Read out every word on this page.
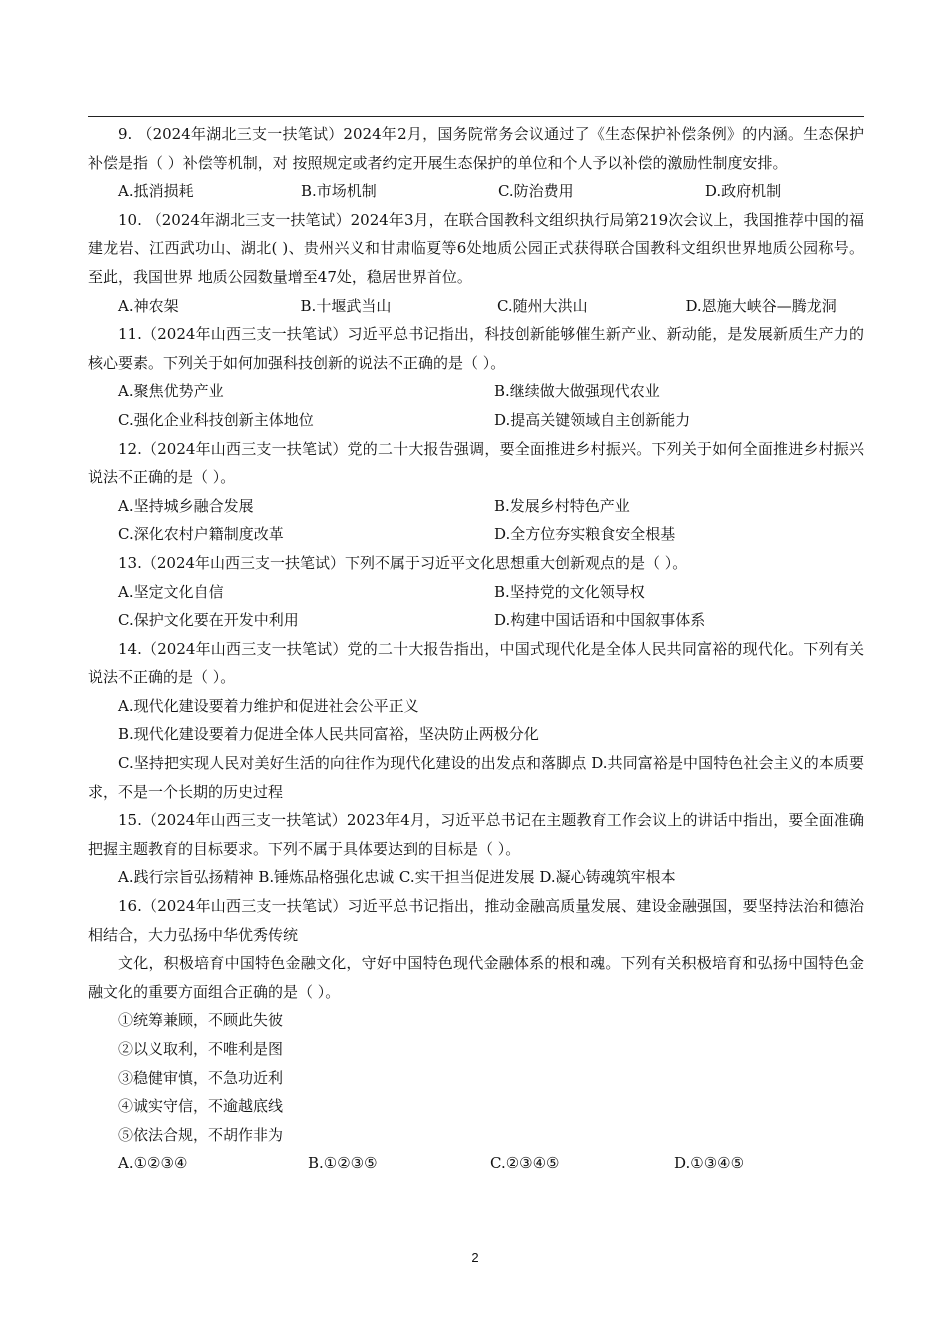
9. （2024年湖北三支一扶笔试）2024年2月，国务院常务会议通过了《生态保护补偿条例》的内涵。生态保护补偿是指（ ）补偿等机制，对 按照规定或者约定开展生态保护的单位和个人予以补偿的激励性制度安排。

A.抵消损耗	B.市场机制	C.防治费用	D.政府机制

10. （2024年湖北三支一扶笔试）2024年3月，在联合国教科文组织执行局第219次会议上，我国推荐中国的福建龙岩、江西武功山、湖北( )、贵州兴义和甘肃临夏等6处地质公园正式获得联合国教科文组织世界地质公园称号。至此，我国世界 地质公园数量增至47处，稳居世界首位。

A.神农架	B.十堰武当山	C.随州大洪山	D.恩施大峡谷—腾龙洞

11.（2024年山西三支一扶笔试）习近平总书记指出，科技创新能够催生新产业、新动能，是发展新质生产力的核心要素。下列关于如何加强科技创新的说法不正确的是（ ）。

A.聚焦优势产业	B.继续做大做强现代农业
C.强化企业科技创新主体地位	D.提高关键领域自主创新能力

12.（2024年山西三支一扶笔试）党的二十大报告强调，要全面推进乡村振兴。下列关于如何全面推进乡村振兴说法不正确的是（ ）。

A.坚持城乡融合发展	B.发展乡村特色产业
C.深化农村户籍制度改革	D.全方位夯实粮食安全根基

13.（2024年山西三支一扶笔试）下列不属于习近平文化思想重大创新观点的是（ ）。

A.坚定文化自信	B.坚持党的文化领导权
C.保护文化要在开发中利用	D.构建中国话语和中国叙事体系

14.（2024年山西三支一扶笔试）党的二十大报告指出，中国式现代化是全体人民共同富裕的现代化。下列有关说法不正确的是（ ）。

A.现代化建设要着力维护和促进社会公平正义

B.现代化建设要着力促进全体人民共同富裕，坚决防止两极分化

C.坚持把实现人民对美好生活的向往作为现代化建设的出发点和落脚点 D.共同富裕是中国特色社会主义的本质要求，不是一个长期的历史过程

15.（2024年山西三支一扶笔试）2023年4月，习近平总书记在主题教育工作会议上的讲话中指出，要全面准确把握主题教育的目标要求。下列不属于具体要达到的目标是（ ）。

A.践行宗旨弘扬精神 B.锤炼品格强化忠诚 C.实干担当促进发展 D.凝心铸魂筑牢根本

16.（2024年山西三支一扶笔试）习近平总书记指出，推动金融高质量发展、建设金融强国，要坚持法治和德治相结合，大力弘扬中华优秀传统

文化，积极培育中国特色金融文化，守好中国特色现代金融体系的根和魂。下列有关积极培育和弘扬中国特色金融文化的重要方面组合正确的是（ ）。

①统筹兼顾，不顾此失彼

②以义取利，不唯利是图

③稳健审慎，不急功近利

④诚实守信，不逾越底线

⑤依法合规，不胡作非为

A.①②③④	B.①②③⑤	C.②③④⑤	D.①③④⑤
2
